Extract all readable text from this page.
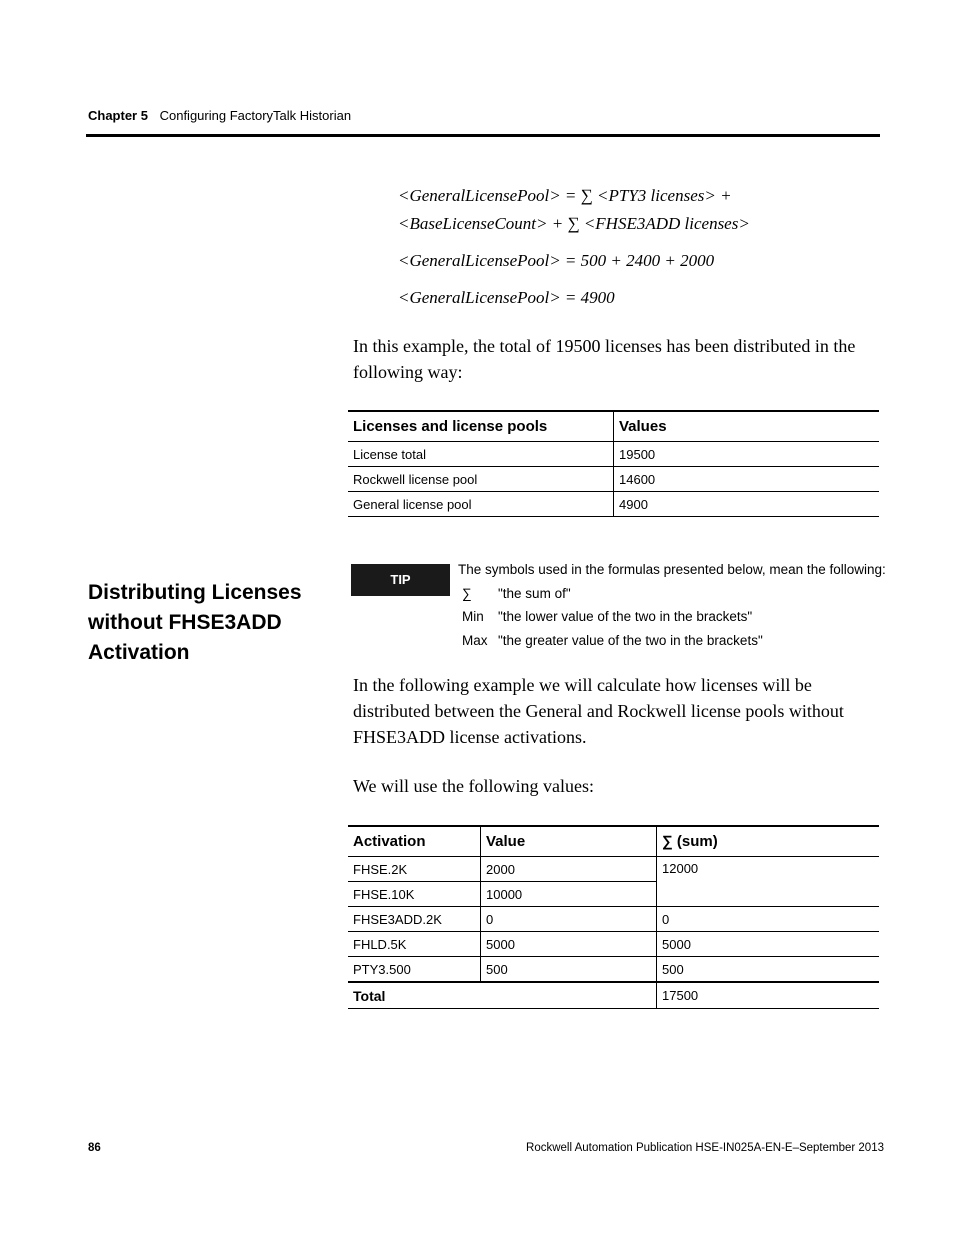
Chapter 5 Configuring FactoryTalk Historian
<GeneralLicensePool> = ∑ <PTY3 licenses> +
<BaseLicenseCount> + ∑ <FHSE3ADD licenses>
<GeneralLicensePool> = 500 + 2400 + 2000
<GeneralLicensePool> = 4900
In this example, the total of 19500 licenses has been distributed in the following way:
Licenses and license pools	Values
License total	19500
Rockwell license pool	14600
General license pool	4900
Distributing Licenses without FHSE3ADD Activation
TIP
The symbols used in the formulas presented below, mean the following:
∑ "the sum of"
Min "the lower value of the two in the brackets"
Max "the greater value of the two in the brackets"
In the following example we will calculate how licenses will be distributed between the General and Rockwell license pools without FHSE3ADD license activations.
We will use the following values:
Activation	Value	∑ (sum)
FHSE.2K	2000	12000
FHSE.10K	10000	
FHSE3ADD.2K	0	0
FHLD.5K	5000	5000
PTY3.500	500	500
Total		17500
86	Rockwell Automation Publication HSE-IN025A-EN-E–September 2013
